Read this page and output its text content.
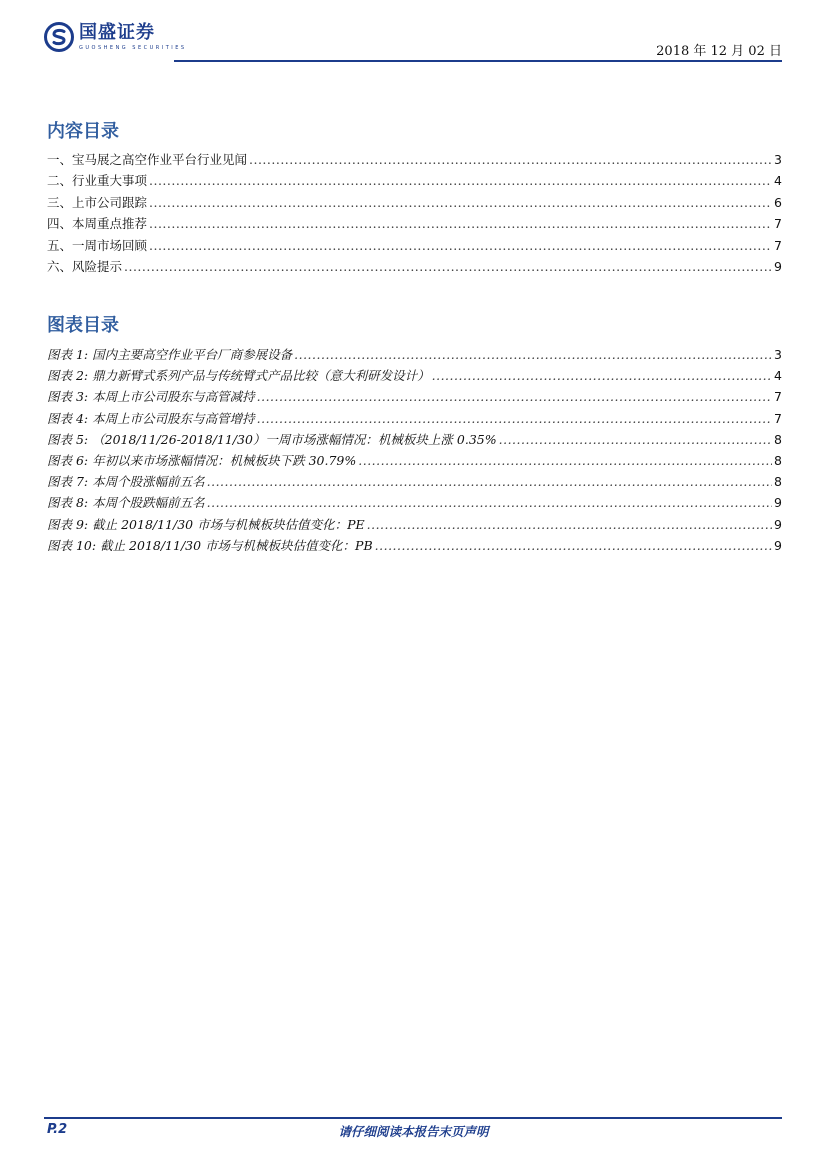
国盛证券
GUOSHENG SECURITIES	2018 年 12 月 02 日
内容目录
一、宝马展之高空作业平台行业见闻 .....	3
二、行业重大事项 .....	4
三、上市公司跟踪 .....	6
四、本周重点推荐 .....	7
五、一周市场回顾 .....	7
六、风险提示 .....	9
图表目录
图表 1: 国内主要高空作业平台厂商参展设备 .....	3
图表 2: 鼎力新臂式系列产品与传统臂式产品比较（意大利研发设计） .....	4
图表 3: 本周上市公司股东与高管减持 .....	7
图表 4: 本周上市公司股东与高管增持 .....	7
图表 5: （2018/11/26-2018/11/30）一周市场涨幅情况：机械板块上涨 0.35% .....	8
图表 6: 年初以来市场涨幅情况：机械板块下跌 30.79% .....	8
图表 7: 本周个股涨幅前五名 .....	8
图表 8: 本周个股跌幅前五名 .....	9
图表 9: 截止 2018/11/30 市场与机械板块估值变化：PE .....	9
图表 10: 截止 2018/11/30 市场与机械板块估值变化：PB .....	9
P.2	请仔细阅读本报告末页声明
